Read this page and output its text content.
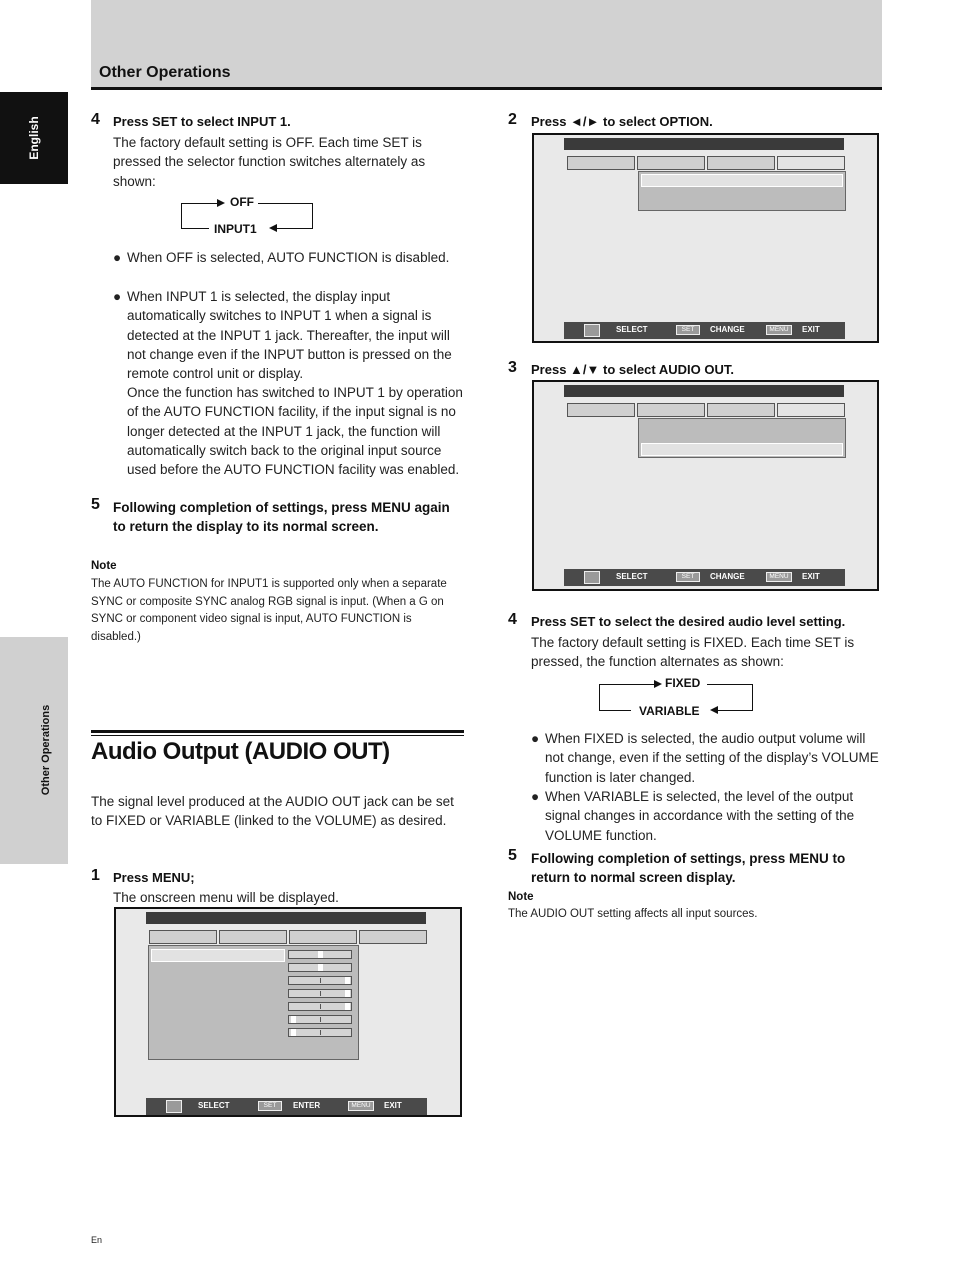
Other Operations
English
Other Operations
4 Press SET to select INPUT 1.
The factory default setting is OFF. Each time SET is pressed the selector function switches alternately as shown:
OFF
INPUT1
● When OFF is selected, AUTO FUNCTION is disabled.
● When INPUT 1 is selected, the display input automatically switches to INPUT 1 when a signal is detected at the INPUT 1 jack. Thereafter, the input will not change even if the INPUT button is pressed on the remote control unit or display.
Once the function has switched to INPUT 1 by operation of the AUTO FUNCTION facility, if the input signal is no longer detected at the INPUT 1 jack, the function will automatically switch back to the original input source used before the AUTO FUNCTION facility was enabled.
5 Following completion of settings, press MENU again to return the display to its normal screen.
Note
The AUTO FUNCTION for INPUT1 is supported only when a separate SYNC or composite SYNC analog RGB signal is input. (When a G on SYNC or component video signal is input, AUTO FUNCTION is disabled.)
Audio Output (AUDIO OUT)
The signal level produced at the AUDIO OUT jack can be set to FIXED or VARIABLE (linked to the VOLUME) as desired.
1 Press MENU;
The onscreen menu will be displayed.
SELECT	SET	ENTER	MENU	EXIT
2 Press ◄/► to select OPTION.
SELECT	SET	CHANGE	MENU	EXIT
3 Press ▲/▼ to select AUDIO OUT.
SELECT	SET	CHANGE	MENU	EXIT
4 Press SET to select the desired audio level setting.
The factory default setting is FIXED. Each time SET is pressed, the function alternates as shown:
FIXED
VARIABLE
● When FIXED is selected, the audio output volume will not change, even if the setting of the display’s VOLUME function is later changed.
● When VARIABLE is selected, the level of the output signal changes in accordance with the setting of the VOLUME function.
5 Following completion of settings, press MENU to return to normal screen display.
Note
The AUDIO OUT setting affects all input sources.
En
